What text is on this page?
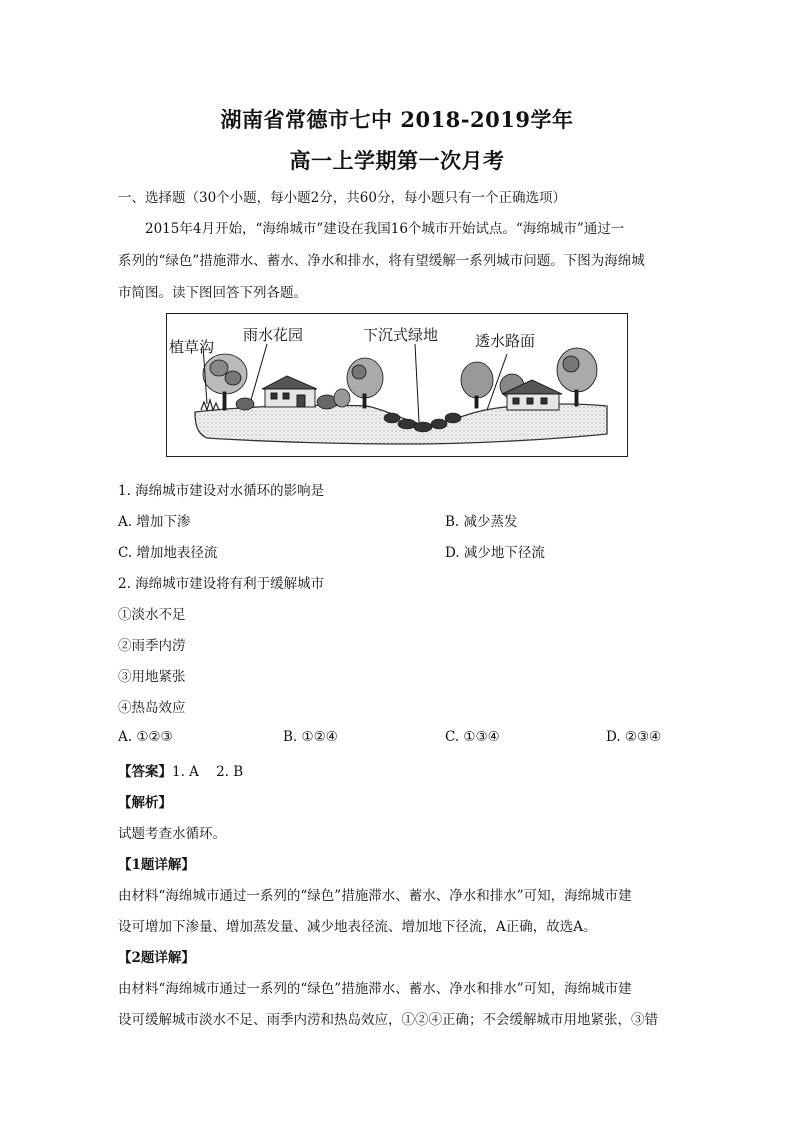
湖南省常德市七中 2018-2019学年
高一上学期第一次月考
一、选择题（30个小题，每小题2分，共60分，每小题只有一个正确选项）
2015年4月开始，“海绵城市”建设在我国16个城市开始试点。“海绵城市”通过一
系列的“绿色”措施滞水、蓄水、净水和排水，将有望缓解一系列城市问题。下图为海绵城
市简图。读下图回答下列各题。
植草沟
雨水花园	下沉式绿地 透水路面
1. 海绵城市建设对水循环的影响是
A. 增加下渗	B. 减少蒸发
C. 增加地表径流	D. 减少地下径流
2. 海绵城市建设将有利于缓解城市
①淡水不足
②雨季内涝
③用地紧张
④热岛效应
A. ①②③	B. ①②④	C. ①③④	D. ②③④
【答案】1. A    2. B
【解析】
试题考查水循环。
【1题详解】
由材料“海绵城市通过一系列的“绿色”措施滞水、蓄水、净水和排水”可知，海绵城市建
设可增加下渗量、增加蒸发量、减少地表径流、增加地下径流，A正确，故选A。
【2题详解】
由材料“海绵城市通过一系列的“绿色”措施滞水、蓄水、净水和排水”可知，海绵城市建
设可缓解城市淡水不足、雨季内涝和热岛效应，①②④正确；不会缓解城市用地紧张，③错
